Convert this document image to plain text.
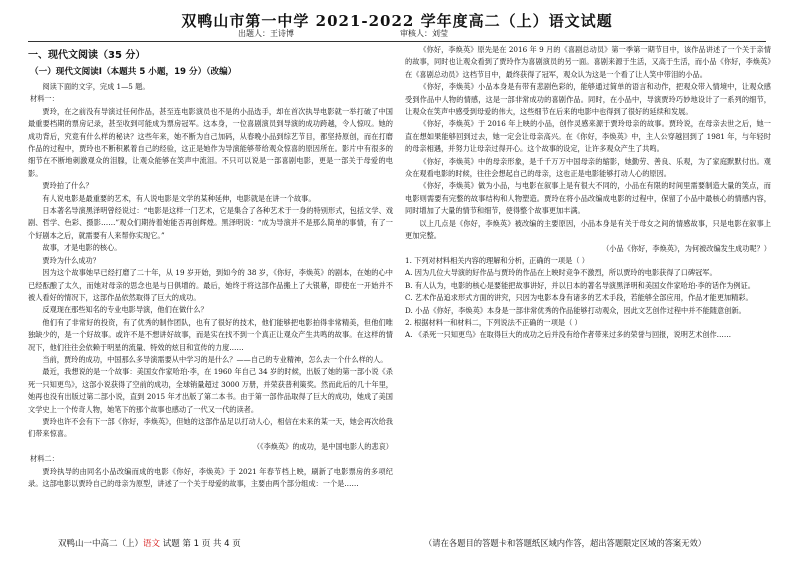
双鸭山市第一中学 2021-2022 学年度高二（上）语文试题
出题人：王诗博	审核人：刘莹
一、现代文阅读（35 分）
（一）现代文阅读Ⅰ（本题共 5 小题，19 分）（改编）

阅读下面的文字，完成 1—5 题。

材料一：

贾玲，在之前没有导演过任何作品，甚至连电影演员也不是的小品选手，却在首次执导电影就一举打破了中国最重要档期的票房记录，甚至收到可能成为票房冠军。这本身，一位喜剧演员到导演的成功跨越，令人惊叹。她的成功背后，究竟有什么样的秘诀？这些年来，她不断为自己加码，从春晚小品到综艺节目，都坚持原创，而在打磨作品的过程中，贾玲也不断积累着自己的经验，这正是她作为导演能够带给观众惊喜的原因所在。影片中有很多的细节在不断地刺激观众的泪腺，让观众能够在笑声中流泪。不只可以说是一部喜剧电影，更是一部关于母爱的电影。

贾玲拍了什么？

有人说电影是最重要的艺术，有人说电影是文学的某种延伸，电影就是在讲一个故事。

日本著名导演黑泽明曾经说过：“电影是这样一门艺术，它是集合了各种艺术于一身的特别形式，包括文学、戏剧、哲学、色彩、摄影……”观众们期待着她能否再创辉煌。黑泽明说：“成为导演并不是那么简单的事情，有了一个好剧本之后，就需要有人来帮你实现它。”

故事，才是电影的核心。

贾玲为什么成功？

因为这个故事她早已经打磨了二十年，从 19 岁开始，到如今的 38 岁，《你好，李焕英》的剧本，在她的心中已经酝酿了太久，而她对母亲的思念也是与日俱增的。最后，她终于将这部作品搬上了大银幕，即使在一开始并不被人看好的情况下，这部作品依然取得了巨大的成功。

反观现在那些知名的专业电影导演，他们在做什么？

他们有了非常好的投资，有了优秀的制作团队，也有了很好的技术，他们能够把电影拍得非常精美，但他们唯独缺少的，是一个好故事。或许不是不想讲好故事，而是实在找不到一个真正让观众产生共鸣的故事。在这样的情况下，他们往往会依赖于明星的流量、特效的炫目和宣传的力度……

当前，贾玲的成功，中国那么多导演需要从中学习的是什么？——自己的专业精神，怎么去一个什么样的人。

最近，我想说的是一个故事：美国女作家哈珀·李，在 1960 年自己 34 岁的时候，出版了她的第一部小说《杀死一只知更鸟》，这部小说获得了空前的成功，全球销量超过 3000 万册，并荣获普利策奖。然而此后的几十年里，她再也没有出版过第二部小说，直到 2015 年才出版了第二本书。由于第一部作品取得了巨大的成功，她成了美国文学史上一个传奇人物，她笔下的那个故事也感动了一代又一代的读者。

贾玲也许不会有下一部《你好，李焕英》，但她的这部作品足以打动人心，相信在未来的某一天，她会再次给我们带来惊喜。

（《李焕英》的成功，是中国电影人的悲哀）

材料二：

贾玲执导的由同名小品改编而成的电影《你好，李焕英》于 2021 年春节档上映，刷新了电影票房的多项纪录。这部电影以贾玲自己的母亲为原型，讲述了一个关于母爱的故事，主要由两个部分组成：一个是……

《你好，李焕英》原先是在 2016 年 9 月的《喜剧总动员》第一季第一期节目中，该作品讲述了一个关于亲情的故事，同时也让观众看到了贾玲作为喜剧演员的另一面。喜剧来源于生活，又高于生活，而小品《你好，李焕英》在《喜剧总动员》这档节目中，最终获得了冠军，观众认为这是一个看了让人笑中带泪的小品。

《你好，李焕英》小品本身是有带有悲剧色彩的，能够通过简单的语言和动作，把观众带入情境中，让观众感受到作品中人物的情感，这是一部非常成功的喜剧作品。同时，在小品中，导演贾玲巧妙地设计了一系列的细节，让观众在笑声中感受到母爱的伟大，这些细节在后来的电影中也得到了很好的延续和发展。

《你好，李焕英》于 2016 年上映的小品，创作灵感来源于贾玲母亲的故事。贾玲说，在母亲去世之后，她一直在想如果能够回到过去，她一定会让母亲高兴。在《你好，李焕英》中，主人公穿越回到了 1981 年，与年轻时的母亲相遇，并努力让母亲过得开心。这个故事的设定，让许多观众产生了共鸣。

《你好，李焕英》中的母亲形象，是千千万万中国母亲的缩影，她勤劳、善良、乐观，为了家庭默默付出。观众在观看电影的时候，往往会想起自己的母亲，这也正是电影能够打动人心的原因。

《你好，李焕英》做为小品，与电影在叙事上是有很大不同的，小品在有限的时间里需要制造大量的笑点，而电影则需要有完整的故事结构和人物塑造。贾玲在将小品改编成电影的过程中，保留了小品中最核心的情感内容，同时增加了大量的情节和细节，使得整个故事更加丰满。

以上几点是《你好，李焕英》被改编的主要原因，小品本身是有关于母女之间的情感故事，只是电影在叙事上更加完整。

（小品《你好，李焕英》，为何被改编发生成功呢？）

1. 下列对材料相关内容的理解和分析，正确的一项是（ ）

A. 因为几位大导演的好作品与贾玲的作品在上映时竞争不激烈，所以贾玲的电影获得了口碑冠军。

B. 有人认为，电影的核心是要能把故事讲好，并以日本的著名导演黑泽明和美国女作家哈珀·李的话作为例证。

C. 艺术作品追求形式方面的讲究，只因为电影本身有诸多的艺术手段，若能够全部应用，作品才能更加精彩。

D. 小品《你好，李焕英》本身是一部非常优秀的作品能够打动观众，因此文艺创作过程中并不能随意创新。

2. 根据材料一和材料二，下列说法不正确的一项是（ ）

A. 《杀死一只知更鸟》在取得巨大的成功之后并没有给作者带来过多的荣誉与回报，说明艺术创作……

双鸭山一中高二（上）语文 试题 第 1 页 共 4 页	（请在各题目的答题卡和答题纸区域内作答，超出答题限定区域的答案无效）
